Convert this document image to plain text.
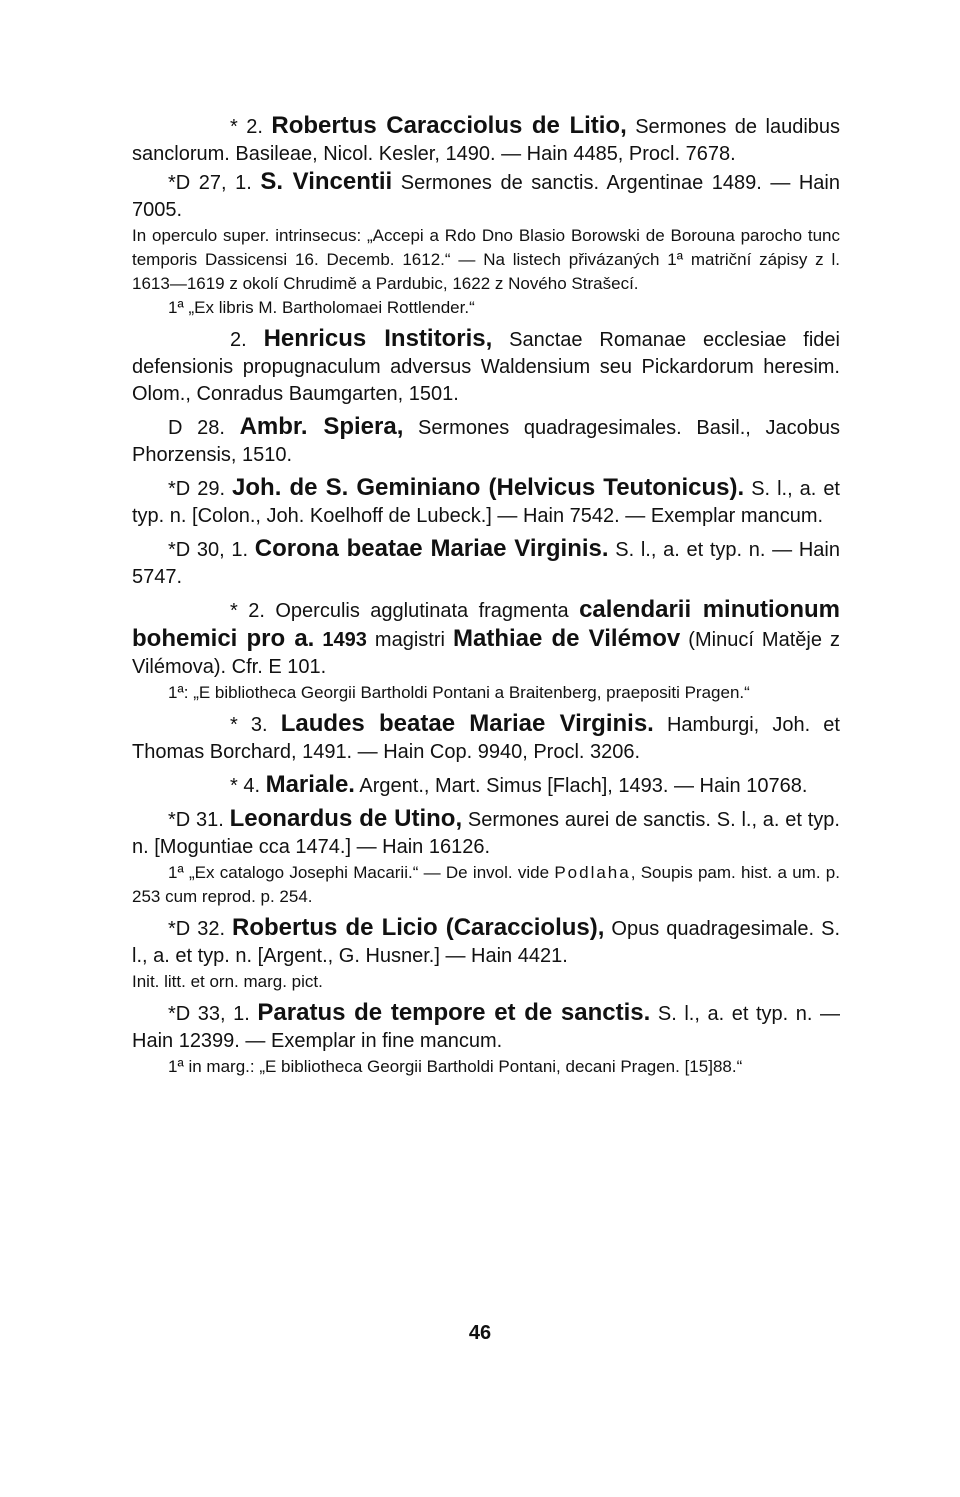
* 2. Robertus Caracciolus de Litio, Sermones de laudibus sanclorum. Basileae, Nicol. Kesler, 1490. — Hain 4485, Procl. 7678.

*D 27, 1. S. Vincentii Sermones de sanctis. Argentinae 1489. — Hain 7005.

In operculo super. intrinsecus: „Accepi a Rdo Dno Blasio Borowski de Borouna parocho tunc temporis Dassicensi 16. Decemb. 1612.“ — Na listech přivázaných 1ª matriční zápisy z l. 1613—1619 z okolí Chrudimě a Pardubic, 1622 z Nového Strašecí.

1ª „Ex libris M. Bartholomaei Rottlender.“

2. Henricus Institoris, Sanctae Romanae ecclesiae fidei defensionis propugnaculum adversus Waldensium seu Pickardorum heresim. Olom., Conradus Baumgarten, 1501.

D 28. Ambr. Spiera, Sermones quadragesimales. Basil., Jacobus Phorzensis, 1510.

*D 29. Joh. de S. Geminiano (Helvicus Teutonicus). S. l., a. et typ. n. [Colon., Joh. Koelhoff de Lubeck.] — Hain 7542. — Exemplar mancum.

*D 30, 1. Corona beatae Mariae Virginis. S. l., a. et typ. n. — Hain 5747.

* 2. Operculis agglutinata fragmenta calendarii minutionum bohemici pro a. 1493 magistri Mathiae de Vilémov (Minucí Matěje z Vilémova). Cfr. E 101.

1ª: „E bibliotheca Georgii Bartholdi Pontani a Braitenberg, praepositi Pragen.“

* 3. Laudes beatae Mariae Virginis. Hamburgi, Joh. et Thomas Borchard, 1491. — Hain Cop. 9940, Procl. 3206.

* 4. Mariale. Argent., Mart. Simus [Flach], 1493. — Hain 10768.

*D 31. Leonardus de Utino, Sermones aurei de sanctis. S. l., a. et typ. n. [Moguntiae cca 1474.] — Hain 16126.

1ª „Ex catalogo Josephi Macarii.“ — De invol. vide Podlaha, Soupis pam. hist. a um. p. 253 cum reprod. p. 254.

*D 32. Robertus de Licio (Caracciolus), Opus quadragesimale. S. l., a. et typ. n. [Argent., G. Husner.] — Hain 4421.

Init. litt. et orn. marg. pict.

*D 33, 1. Paratus de tempore et de sanctis. S. l., a. et typ. n. — Hain 12399. — Exemplar in fine mancum.

1ª in marg.: „E bibliotheca Georgii Bartholdi Pontani, decani Pragen. [15]88.“

46
